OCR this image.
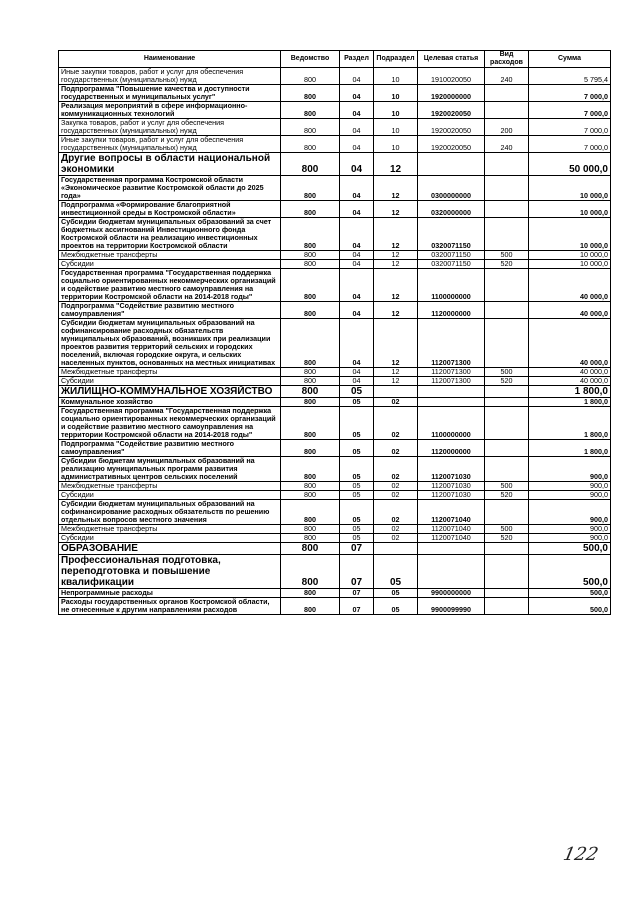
Наименование	Ведомство	Раздел	Подраздел	Целевая статья	Вид расходов	Сумма
Иные закупки товаров, работ и услуг для обеспечения государственных (муниципальных) нужд	800	04	10	1910020050	240	5 795,4
Подпрограмма "Повышение качества и доступности государственных и муниципальных услуг"	800	04	10	1920000000		7 000,0
Реализация мероприятий в сфере информационно-коммуникационных технологий	800	04	10	1920020050		7 000,0
Закупка товаров, работ и услуг для обеспечения государственных (муниципальных) нужд	800	04	10	1920020050	200	7 000,0
Иные закупки товаров, работ и услуг для обеспечения государственных (муниципальных) нужд	800	04	10	1920020050	240	7 000,0
Другие вопросы в области национальной экономики	800	04	12			50 000,0
Государственная программа Костромской области «Экономическое развитие Костромской области до 2025 года»	800	04	12	0300000000		10 000,0
Подпрограмма «Формирование благоприятной инвестиционной среды в Костромской области»	800	04	12	0320000000		10 000,0
Субсидии бюджетам муниципальных образований за счет бюджетных ассигнований Инвестиционного фонда Костромской области на реализацию инвестиционных проектов на территории Костромской области	800	04	12	0320071150		10 000,0
Межбюджетные трансферты	800	04	12	0320071150	500	10 000,0
Субсидии	800	04	12	0320071150	520	10 000,0
Государственная программа "Государственная поддержка социально ориентированных некоммерческих организаций и содействие развитию местного самоуправления на территории Костромской области на 2014-2018 годы"	800	04	12	1100000000		40 000,0
Подпрограмма "Содействие развитию местного самоуправления"	800	04	12	1120000000		40 000,0
Субсидии бюджетам муниципальных образований на софинансирование расходных обязательств муниципальных образований, возникших при реализации проектов развития территорий сельских и городских поселений, включая городские округа, и сельских населенных пунктов, основанных на местных инициативах	800	04	12	1120071300		40 000,0
Межбюджетные трансферты	800	04	12	1120071300	500	40 000,0
Субсидии	800	04	12	1120071300	520	40 000,0
ЖИЛИЩНО-КОММУНАЛЬНОЕ ХОЗЯЙСТВО	800	05				1 800,0
Коммунальное хозяйство	800	05	02			1 800,0
Государственная программа "Государственная поддержка социально ориентированных некоммерческих организаций и содействие развитию местного самоуправления на территории Костромской области на 2014-2018 годы"	800	05	02	1100000000		1 800,0
Подпрограмма "Содействие развитию местного самоуправления"	800	05	02	1120000000		1 800,0
Субсидии бюджетам муниципальных образований на реализацию муниципальных программ развития административных центров сельских поселений	800	05	02	1120071030		900,0
Межбюджетные трансферты	800	05	02	1120071030	500	900,0
Субсидии	800	05	02	1120071030	520	900,0
Субсидии бюджетам муниципальных образований на софинансирование расходных обязательств по решению отдельных вопросов местного значения	800	05	02	1120071040		900,0
Межбюджетные трансферты	800	05	02	1120071040	500	900,0
Субсидии	800	05	02	1120071040	520	900,0
ОБРАЗОВАНИЕ	800	07				500,0
Профессиональная подготовка, переподготовка и повышение квалификации	800	07	05			500,0
Непрограммные расходы	800	07	05	9900000000		500,0
Расходы государственных органов Костромской области, не отнесенные к другим направлениям расходов	800	07	05	9900099990		500,0
122
